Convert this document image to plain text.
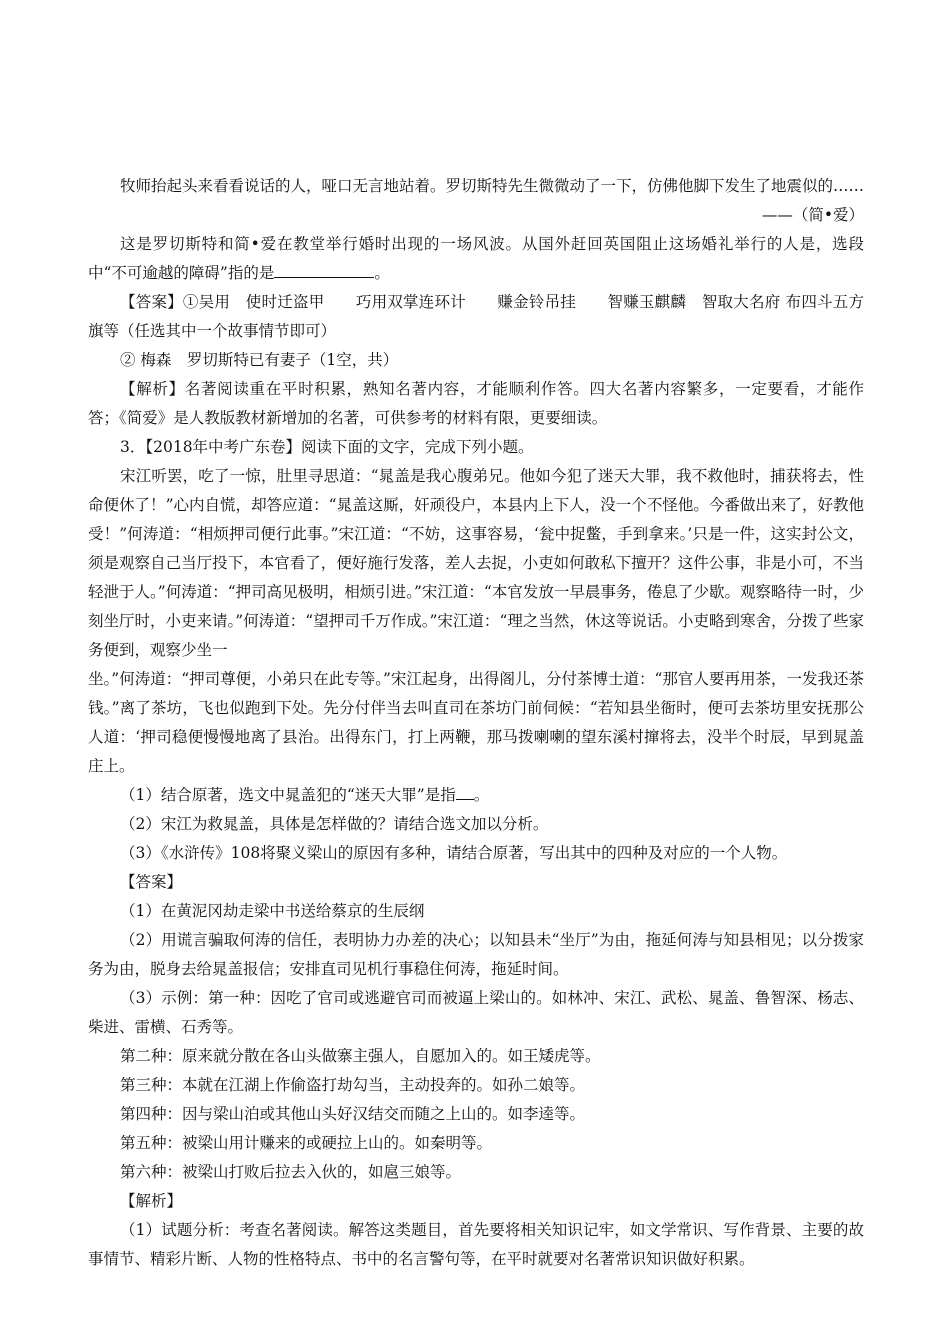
牧师抬起头来看看说话的人，哑口无言地站着。罗切斯特先生微微动了一下，仿佛他脚下发生了地震似的……

——（简•爱）

这是罗切斯特和简•爱在教堂举行婚时出现的一场风波。从国外赶回英国阻止这场婚礼举行的人是，选段中“不可逾越的障碍”指的是	。

【答案】①吴用　使时迁盗甲　　巧用双掌连环计　　赚金铃吊挂　　智赚玉麒麟　智取大名府 布四斗五方旗等（任选其中一个故事情节即可）

② 梅森　罗切斯特已有妻子（1空，共）

【解析】名著阅读重在平时积累，熟知名著内容，才能顺利作答。四大名著内容繁多，一定要看，才能作答；《简爱》是人教版教材新增加的名著，可供参考的材料有限，更要细读。

3．【2018年中考广东卷】阅读下面的文字，完成下列小题。

宋江听罢，吃了一惊，肚里寻思道：“晁盖是我心腹弟兄。他如今犯了迷天大罪，我不救他时，捕获将去，性命便休了！”心内自慌，却答应道：“晁盖这厮，奸顽役户，本县内上下人，没一个不怪他。今番做出来了，好教他受！”何涛道：“相烦押司便行此事。”宋江道：“不妨，这事容易，‘瓮中捉鳖，手到拿来。’只是一件，这实封公文，须是观察自己当厅投下，本官看了，便好施行发落，差人去捉，小吏如何敢私下擅开？这件公事，非是小可，不当轻泄于人。”何涛道：“押司高见极明，相烦引进。”宋江道：“本官发放一早晨事务，倦息了少歇。观察略待一时，少刻坐厅时，小吏来请。”何涛道：“望押司千万作成。”宋江道：“理之当然，休这等说话。小吏略到寒舍，分拨了些家务便到，观察少坐一

坐。”何涛道：“押司尊便，小弟只在此专等。”宋江起身，出得阁儿，分付茶博士道：“那官人要再用茶，一发我还茶钱。”离了茶坊，飞也似跑到下处。先分付伴当去叫直司在茶坊门前伺候：“若知县坐衙时，便可去茶坊里安抚那公人道：‘押司稳便慢慢地离了县治。出得东门，打上两鞭，那马拨喇喇的望东溪村撺将去，没半个时辰，早到晁盖庄上。

（1）结合原著，选文中晁盖犯的“迷天大罪”是指 。

（2）宋江为救晁盖，具体是怎样做的？请结合选文加以分析。

（3）《水浒传》108将聚义梁山的原因有多种，请结合原著，写出其中的四种及对应的一个人物。

【答案】

（1）在黄泥冈劫走梁中书送给蔡京的生辰纲

（2）用谎言骗取何涛的信任，表明协力办差的决心；以知县未“坐厅”为由，拖延何涛与知县相见；以分拨家务为由，脱身去给晁盖报信；安排直司见机行事稳住何涛，拖延时间。

（3）示例：第一种：因吃了官司或逃避官司而被逼上梁山的。如林冲、宋江、武松、晁盖、鲁智深、杨志、柴进、雷横、石秀等。

第二种：原来就分散在各山头做寨主强人，自愿加入的。如王矮虎等。

第三种：本就在江湖上作偷盗打劫勾当，主动投奔的。如孙二娘等。

第四种：因与梁山泊或其他山头好汉结交而随之上山的。如李逵等。

第五种：被梁山用计赚来的或硬拉上山的。如秦明等。

第六种：被梁山打败后拉去入伙的，如扈三娘等。

【解析】

（1）试题分析：考查名著阅读。解答这类题目，首先要将相关知识记牢，如文学常识、写作背景、主要的故事情节、精彩片断、人物的性格特点、书中的名言警句等，在平时就要对名著常识知识做好积累。
